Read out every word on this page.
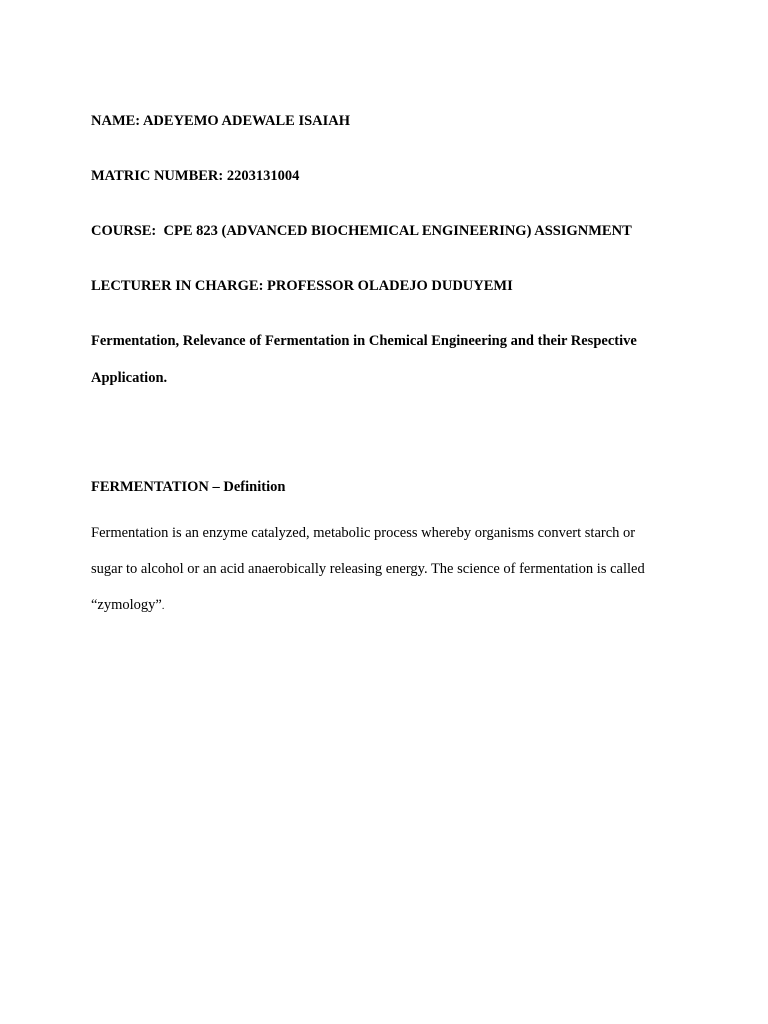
NAME: ADEYEMO ADEWALE ISAIAH
MATRIC NUMBER: 2203131004
COURSE:  CPE 823 (ADVANCED BIOCHEMICAL ENGINEERING) ASSIGNMENT
LECTURER IN CHARGE: PROFESSOR OLADEJO DUDUYEMI
Fermentation, Relevance of Fermentation in Chemical Engineering and their Respective
Application.
FERMENTATION – Definition
Fermentation is an enzyme catalyzed, metabolic process whereby organisms convert starch or
sugar to alcohol or an acid anaerobically releasing energy. The science of fermentation is called
“zymology”.
